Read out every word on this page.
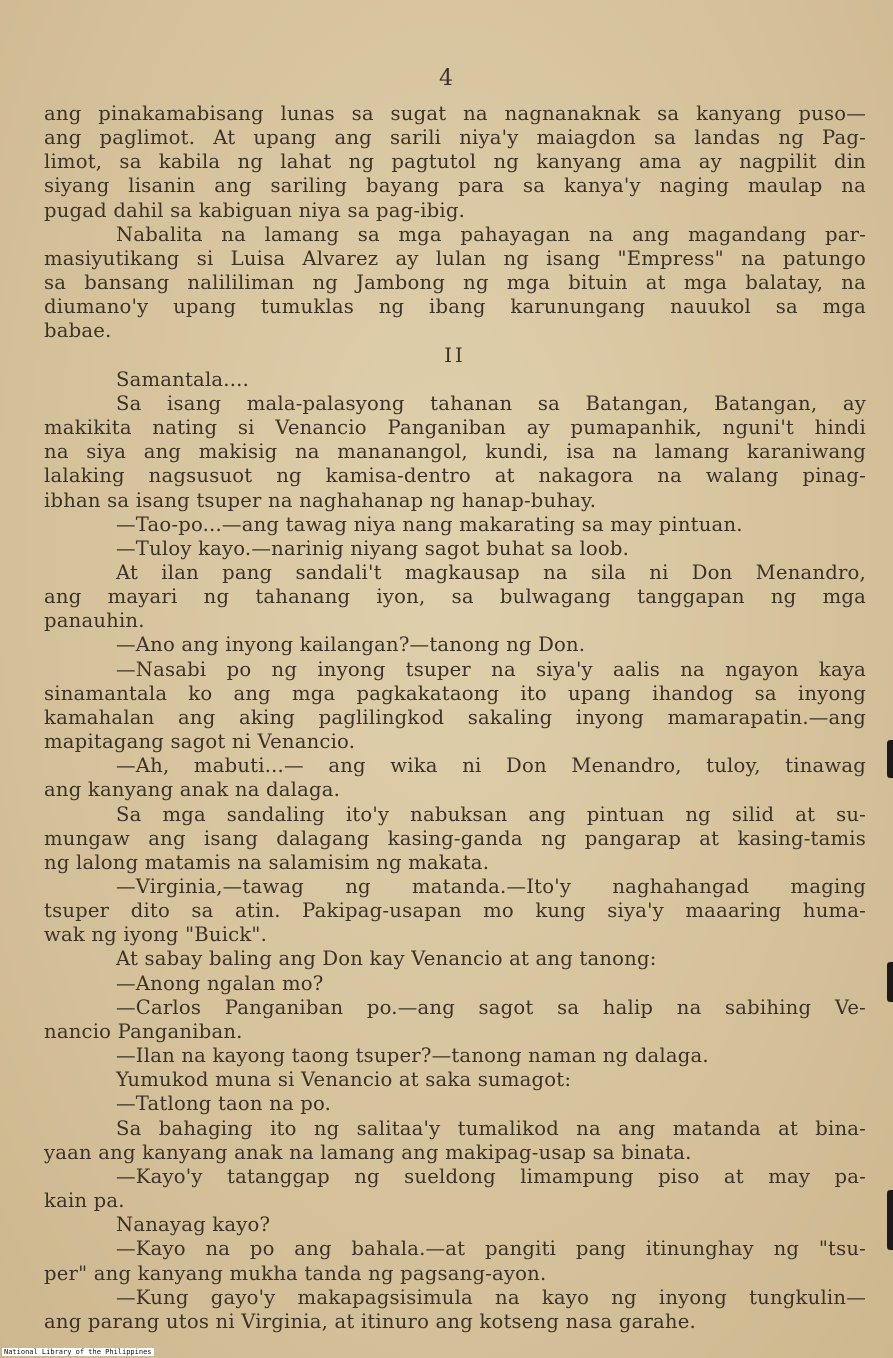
4
ang pinakamabisang lunas sa sugat na nagnanaknak sa kanyang puso—
ang paglimot. At upang ang sarili niya'y maiagdon sa landas ng Pag-
limot, sa kabila ng lahat ng pagtutol ng kanyang ama ay nagpilit din
siyang lisanin ang sariling bayang para sa kanya'y naging maulap na
pugad dahil sa kabiguan niya sa pag-ibig.
Nabalita na lamang sa mga pahayagan na ang magandang par-
masiyutikang si Luisa Alvarez ay lulan ng isang "Empress" na patungo
sa bansang nalililiman ng Jambong ng mga bituin at mga balatay, na
diumano'y upang tumuklas ng ibang karunungang nauukol sa mga
babae.
II
Samantala....
Sa isang mala-palasyong tahanan sa Batangan, Batangan, ay
makikita nating si Venancio Panganiban ay pumapanhik, nguni't hindi
na siya ang makisig na mananangol, kundi, isa na lamang karaniwang
lalaking nagsusuot ng kamisa-dentro at nakagora na walang pinag-
ibhan sa isang tsuper na naghahanap ng hanap-buhay.
—Tao-po...—ang tawag niya nang makarating sa may pintuan.
—Tuloy kayo.—narinig niyang sagot buhat sa loob.
At ilan pang sandali't magkausap na sila ni Don Menandro,
ang mayari ng tahanang iyon, sa bulwagang tanggapan ng mga
panauhin.
—Ano ang inyong kailangan?—tanong ng Don.
—Nasabi po ng inyong tsuper na siya'y aalis na ngayon kaya
sinamantala ko ang mga pagkakataong ito upang ihandog sa inyong
kamahalan ang aking paglilingkod sakaling inyong mamarapatin.—ang
mapitagang sagot ni Venancio.
—Ah, mabuti...— ang wika ni Don Menandro, tuloy, tinawag
ang kanyang anak na dalaga.
Sa mga sandaling ito'y nabuksan ang pintuan ng silid at su-
mungaw ang isang dalagang kasing-ganda ng pangarap at kasing-tamis
ng lalong matamis na salamisim ng makata.
—Virginia,—tawag ng matanda.—Ito'y naghahangad maging
tsuper dito sa atin. Pakipag-usapan mo kung siya'y maaaring huma-
wak ng iyong "Buick".
At sabay baling ang Don kay Venancio at ang tanong:
—Anong ngalan mo?
—Carlos Panganiban po.—ang sagot sa halip na sabihing Ve-
nancio Panganiban.
—Ilan na kayong taong tsuper?—tanong naman ng dalaga.
Yumukod muna si Venancio at saka sumagot:
—Tatlong taon na po.
Sa bahaging ito ng salitaa'y tumalikod na ang matanda at bina-
yaan ang kanyang anak na lamang ang makipag-usap sa binata.
—Kayo'y tatanggap ng sueldong limampung piso at may pa-
kain pa.
Nanayag kayo?
—Kayo na po ang bahala.—at pangiti pang itinunghay ng "tsu-
per" ang kanyang mukha tanda ng pagsang-ayon.
—Kung gayo'y makapagsisimula na kayo ng inyong tungkulin—
ang parang utos ni Virginia, at itinuro ang kotseng nasa garahe.
National Library of the Philippines
